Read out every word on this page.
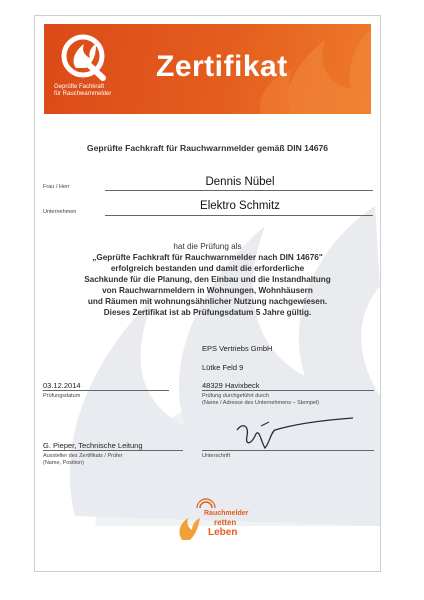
Geprüfte Fachkraft
für Rauchwarnmelder
Zertifikat
Geprüfte Fachkraft für Rauchwarnmelder gemäß DIN 14676
Frau / Herr	Dennis Nübel
Unternehmen	Elektro Schmitz
hat die Prüfung als
„Geprüfte Fachkraft für Rauchwarnmelder nach DIN 14676"
erfolgreich bestanden und damit die erforderliche
Sachkunde für die Planung, den Einbau und die Instandhaltung
von Rauchwarnmeldern in Wohnungen, Wohnhäusern
und Räumen mit wohnungsähnlicher Nutzung nachgewiesen.
Dieses Zertifikat ist ab Prüfungsdatum 5 Jahre gültig.
EPS Vertriebs GmbH
Lütke Feld 9
48329 Havixbeck
03.12.2014
Prüfungsdatum	Prüfung durchgeführt durch
(Name / Adresse des Unternehmens – Stempel)
G. Pieper, Technische Leitung
Aussteller des Zertifikats / Prüfer
(Name, Position)
Unterschrift
Rauchmelder
retten
Leben
